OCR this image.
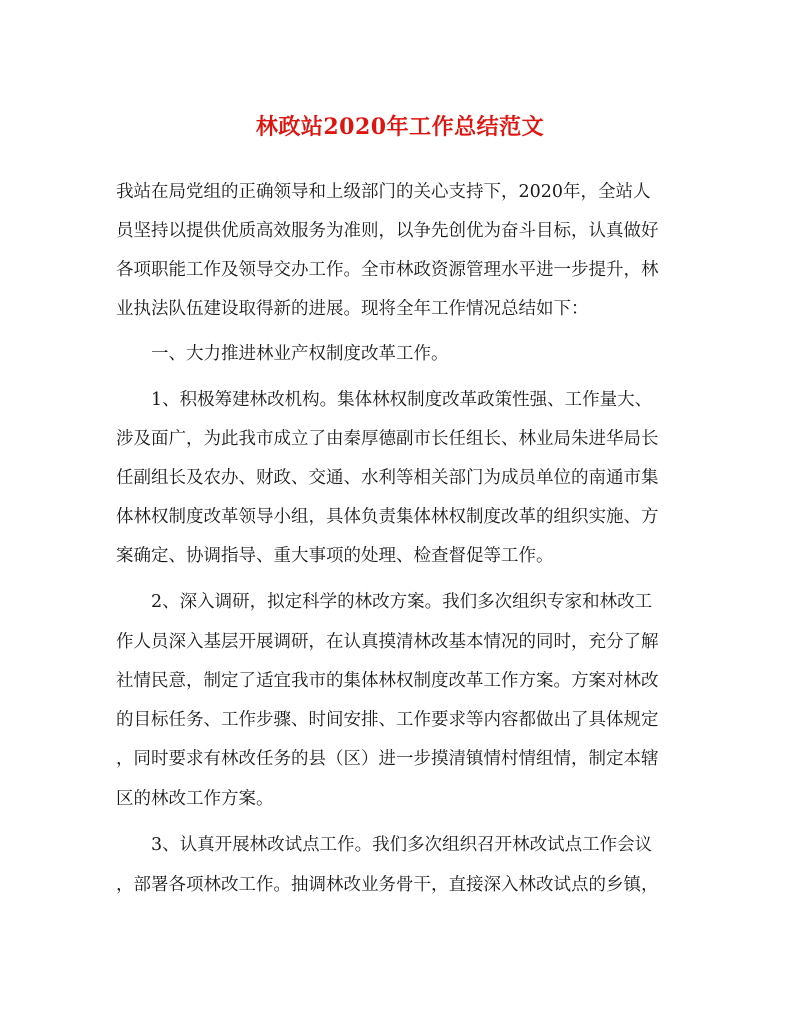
林政站2020年工作总结范文

我站在局党组的正确领导和上级部门的关心支持下，2020年，全站人

员坚持以提供优质高效服务为准则，以争先创优为奋斗目标，认真做好

各项职能工作及领导交办工作。全市林政资源管理水平进一步提升，林

业执法队伍建设取得新的进展。现将全年工作情况总结如下：

　　一、大力推进林业产权制度改革工作。

　　1、积极筹建林改机构。集体林权制度改革政策性强、工作量大、

涉及面广，为此我市成立了由秦厚德副市长任组长、林业局朱进华局长

任副组长及农办、财政、交通、水利等相关部门为成员单位的南通市集

体林权制度改革领导小组，具体负责集体林权制度改革的组织实施、方

案确定、协调指导、重大事项的处理、检查督促等工作。

　　2、深入调研，拟定科学的林改方案。我们多次组织专家和林改工

作人员深入基层开展调研，在认真摸清林改基本情况的同时，充分了解

社情民意，制定了适宜我市的集体林权制度改革工作方案。方案对林改

的目标任务、工作步骤、时间安排、工作要求等内容都做出了具体规定

，同时要求有林改任务的县（区）进一步摸清镇情村情组情，制定本辖

区的林改工作方案。

　　3、认真开展林改试点工作。我们多次组织召开林改试点工作会议

，部署各项林改工作。抽调林改业务骨干，直接深入林改试点的乡镇，
